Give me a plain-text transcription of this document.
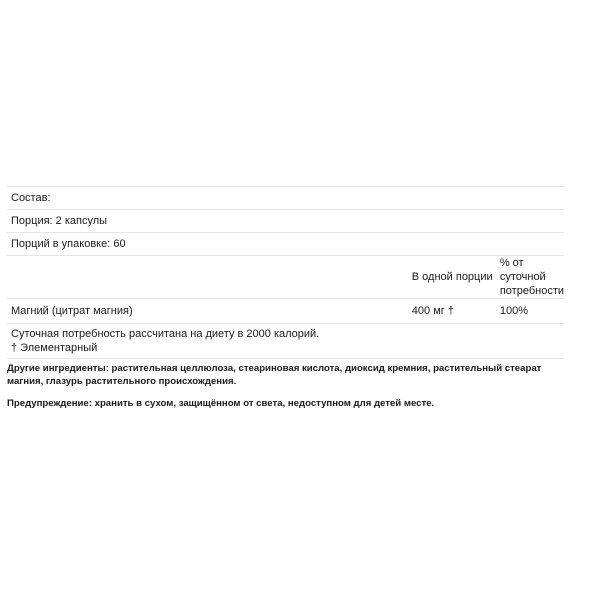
Состав:		
Порция: 2 капсулы		
Порций в упаковке: 60		
	В одной порции	% от суточной потребности
Магний (цитрат магния)	400 мг †	100%

Суточная потребность рассчитана на диету в 2000 калорий.
† Элементарный		
Другие ингредиенты: растительная целлюлоза, стеариновая кислота, диоксид кремния, растительный стеарат магния, глазурь растительного происхождения.
Предупреждение: хранить в сухом, защищённом от света, недоступном для детей месте.
